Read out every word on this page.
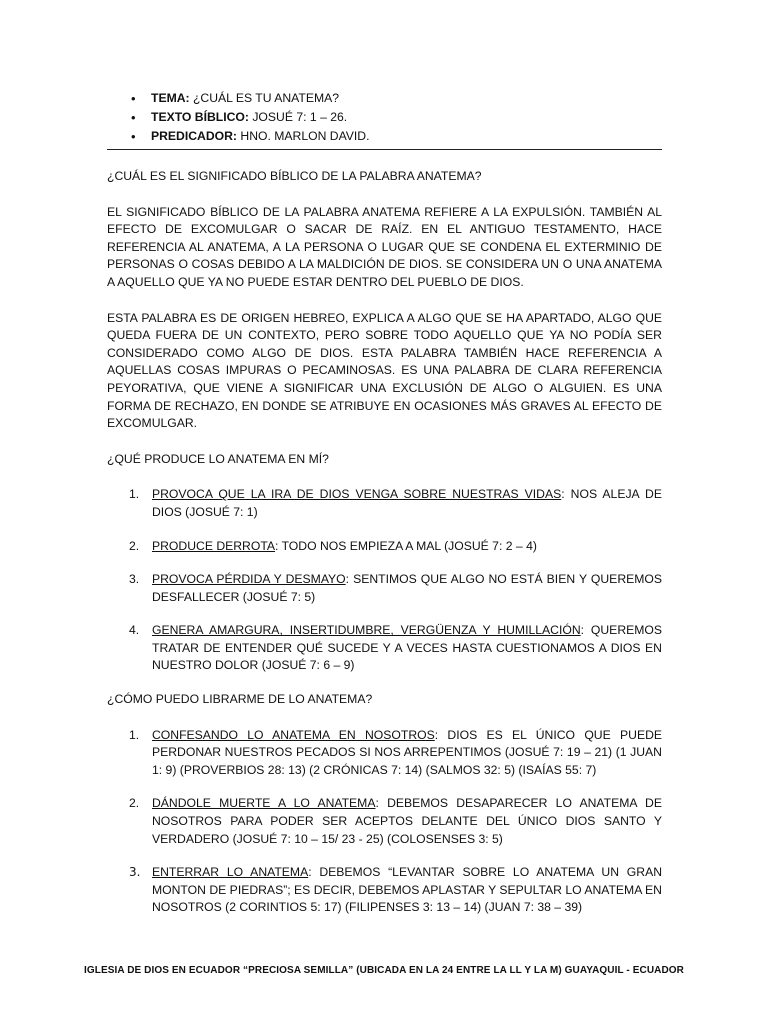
• TEMA: ¿CUÁL ES TU ANATEMA?
• TEXTO BÍBLICO: JOSUÉ 7: 1 – 26.
• PREDICADOR: HNO. MARLON DAVID.
¿CUÁL ES EL SIGNIFICADO BÍBLICO DE LA PALABRA ANATEMA?

EL SIGNIFICADO BÍBLICO DE LA PALABRA ANATEMA REFIERE A LA EXPULSIÓN. TAMBIÉN AL EFECTO DE EXCOMULGAR O SACAR DE RAÍZ. EN EL ANTIGUO TESTAMENTO, HACE REFERENCIA AL ANATEMA, A LA PERSONA O LUGAR QUE SE CONDENA EL EXTERMINIO DE PERSONAS O COSAS DEBIDO A LA MALDICIÓN DE DIOS. SE CONSIDERA UN O UNA ANATEMA A AQUELLO QUE YA NO PUEDE ESTAR DENTRO DEL PUEBLO DE DIOS.

ESTA PALABRA ES DE ORIGEN HEBREO, EXPLICA A ALGO QUE SE HA APARTADO, ALGO QUE QUEDA FUERA DE UN CONTEXTO, PERO SOBRE TODO AQUELLO QUE YA NO PODÍA SER CONSIDERADO COMO ALGO DE DIOS. ESTA PALABRA TAMBIÉN HACE REFERENCIA A AQUELLAS COSAS IMPURAS O PECAMINOSAS. ES UNA PALABRA DE CLARA REFERENCIA PEYORATIVA, QUE VIENE A SIGNIFICAR UNA EXCLUSIÓN DE ALGO O ALGUIEN. ES UNA FORMA DE RECHAZO, EN DONDE SE ATRIBUYE EN OCASIONES MÁS GRAVES AL EFECTO DE EXCOMULGAR.

¿QUÉ PRODUCE LO ANATEMA EN MÍ?
1. PROVOCA QUE LA IRA DE DIOS VENGA SOBRE NUESTRAS VIDAS: NOS ALEJA DE DIOS (JOSUÉ 7: 1)
2. PRODUCE DERROTA: TODO NOS EMPIEZA A MAL (JOSUÉ 7: 2 – 4)
3. PROVOCA PÉRDIDA Y DESMAYO: SENTIMOS QUE ALGO NO ESTÁ BIEN Y QUEREMOS DESFALLECER (JOSUÉ 7: 5)
4. GENERA AMARGURA, INSERTIDUMBRE, VERGÜENZA Y HUMILLACIÓN: QUEREMOS TRATAR DE ENTENDER QUÉ SUCEDE Y A VECES HASTA CUESTIONAMOS A DIOS EN NUESTRO DOLOR (JOSUÉ 7: 6 – 9)
¿CÓMO PUEDO LIBRARME DE LO ANATEMA?
1. CONFESANDO LO ANATEMA EN NOSOTROS: DIOS ES EL ÚNICO QUE PUEDE PERDONAR NUESTROS PECADOS SI NOS ARREPENTIMOS (JOSUÉ 7: 19 – 21) (1 JUAN 1: 9) (PROVERBIOS 28: 13) (2 CRÓNICAS 7: 14) (SALMOS 32: 5) (ISAÍAS 55: 7)
2. DÁNDOLE MUERTE A LO ANATEMA: DEBEMOS DESAPARECER LO ANATEMA DE NOSOTROS PARA PODER SER ACEPTOS DELANTE DEL ÚNICO DIOS SANTO Y VERDADERO (JOSUÉ 7: 10 – 15/ 23 - 25) (COLOSENSES 3: 5)
3. ENTERRAR LO ANATEMA: DEBEMOS “LEVANTAR SOBRE LO ANATEMA UN GRAN MONTON DE PIEDRAS”; ES DECIR, DEBEMOS APLASTAR Y SEPULTAR LO ANATEMA EN NOSOTROS (2 CORINTIOS 5: 17) (FILIPENSES 3: 13 – 14) (JUAN 7: 38 – 39)
IGLESIA DE DIOS EN ECUADOR “PRECIOSA SEMILLA” (UBICADA EN LA 24 ENTRE LA LL Y LA M) GUAYAQUIL - ECUADOR
